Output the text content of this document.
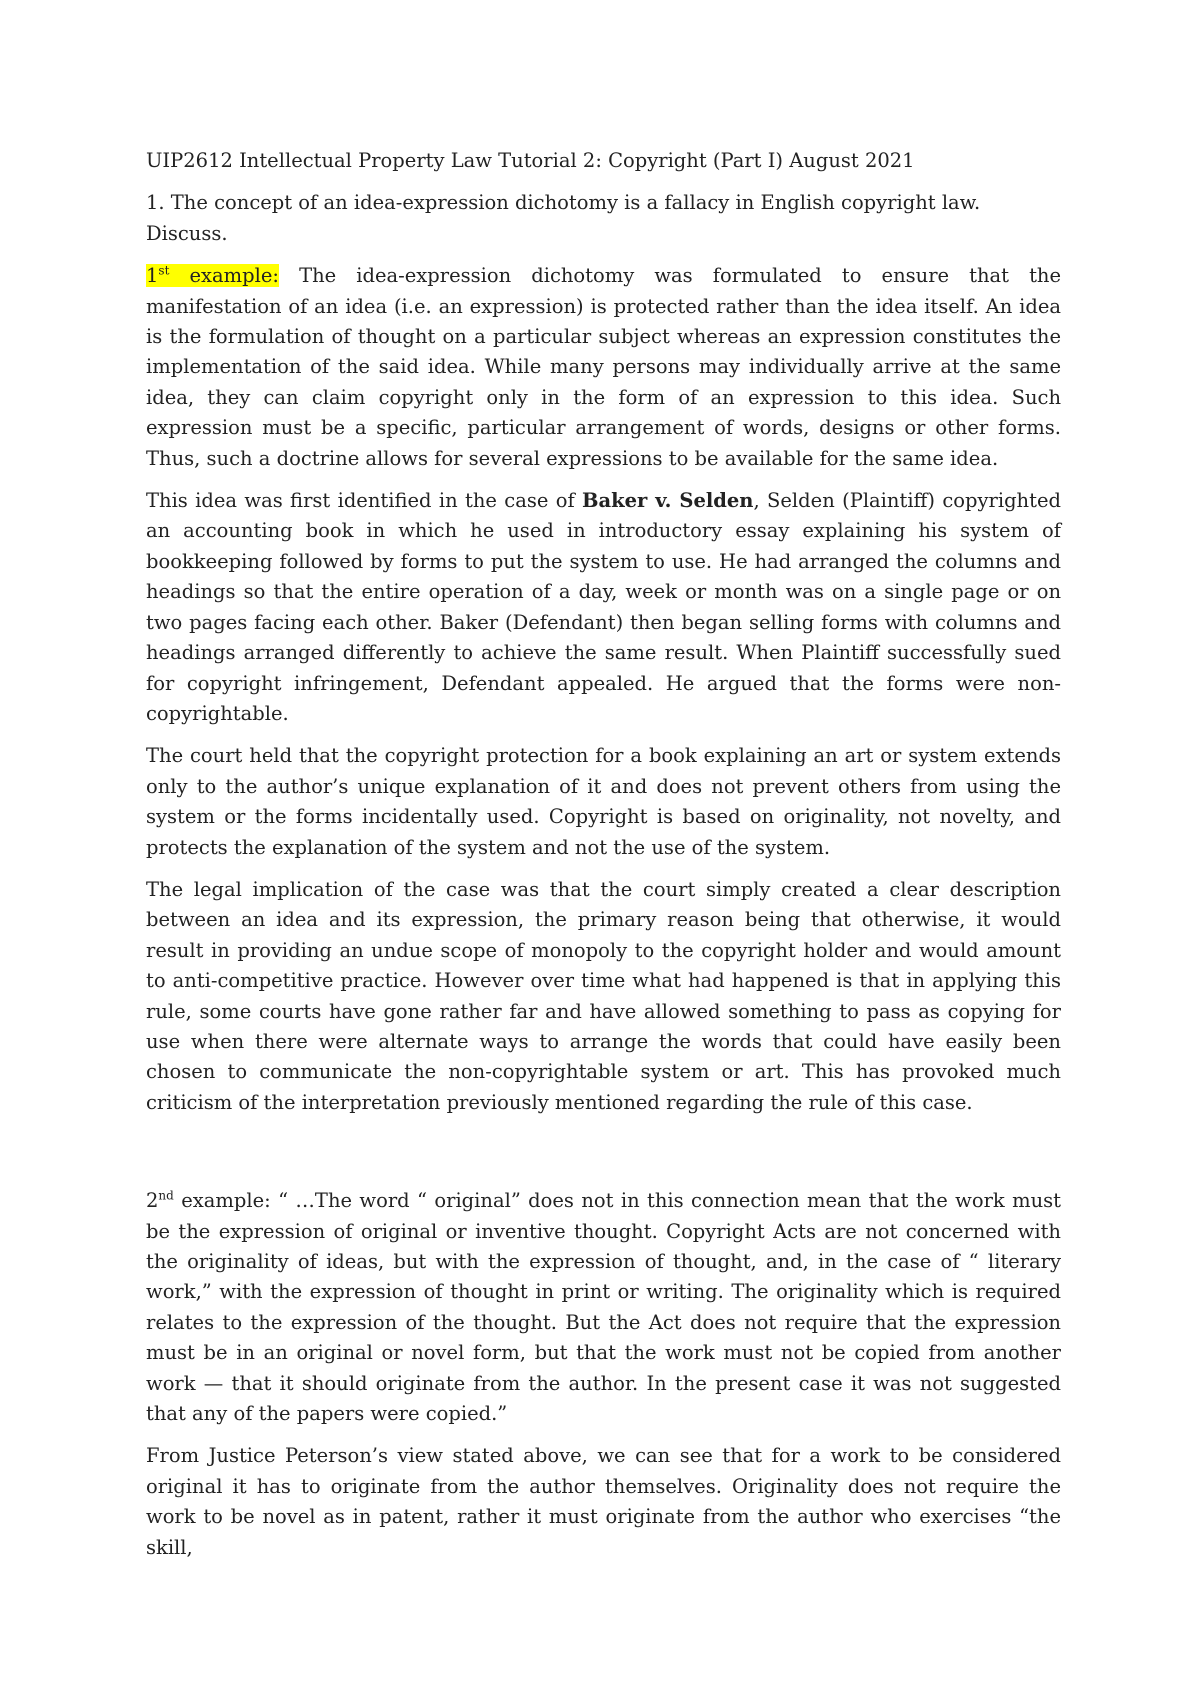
UIP2612 Intellectual Property Law Tutorial 2: Copyright (Part I) August 2021

1. The concept of an idea-expression dichotomy is a fallacy in English copyright law. Discuss.

1st example: The idea-expression dichotomy was formulated to ensure that the manifestation of an idea (i.e. an expression) is protected rather than the idea itself. An idea is the formulation of thought on a particular subject whereas an expression constitutes the implementation of the said idea. While many persons may individually arrive at the same idea, they can claim copyright only in the form of an expression to this idea. Such expression must be a specific, particular arrangement of words, designs or other forms. Thus, such a doctrine allows for several expressions to be available for the same idea.

This idea was first identified in the case of Baker v. Selden, Selden (Plaintiff) copyrighted an accounting book in which he used in introductory essay explaining his system of bookkeeping followed by forms to put the system to use. He had arranged the columns and headings so that the entire operation of a day, week or month was on a single page or on two pages facing each other. Baker (Defendant) then began selling forms with columns and headings arranged differently to achieve the same result. When Plaintiff successfully sued for copyright infringement, Defendant appealed. He argued that the forms were non-copyrightable.

The court held that the copyright protection for a book explaining an art or system extends only to the author’s unique explanation of it and does not prevent others from using the system or the forms incidentally used. Copyright is based on originality, not novelty, and protects the explanation of the system and not the use of the system.

The legal implication of the case was that the court simply created a clear description between an idea and its expression, the primary reason being that otherwise, it would result in providing an undue scope of monopoly to the copyright holder and would amount to anti-competitive practice. However over time what had happened is that in applying this rule, some courts have gone rather far and have allowed something to pass as copying for use when there were alternate ways to arrange the words that could have easily been chosen to communicate the non-copyrightable system or art. This has provoked much criticism of the interpretation previously mentioned regarding the rule of this case.

2nd example: “ …The word “ original” does not in this connection mean that the work must be the expression of original or inventive thought. Copyright Acts are not concerned with the originality of ideas, but with the expression of thought, and, in the case of “ literary work,” with the expression of thought in print or writing. The originality which is required relates to the expression of the thought. But the Act does not require that the expression must be in an original or novel form, but that the work must not be copied from another work — that it should originate from the author. In the present case it was not suggested that any of the papers were copied.”

From Justice Peterson’s view stated above, we can see that for a work to be considered original it has to originate from the author themselves. Originality does not require the work to be novel as in patent, rather it must originate from the author who exercises “the skill,
